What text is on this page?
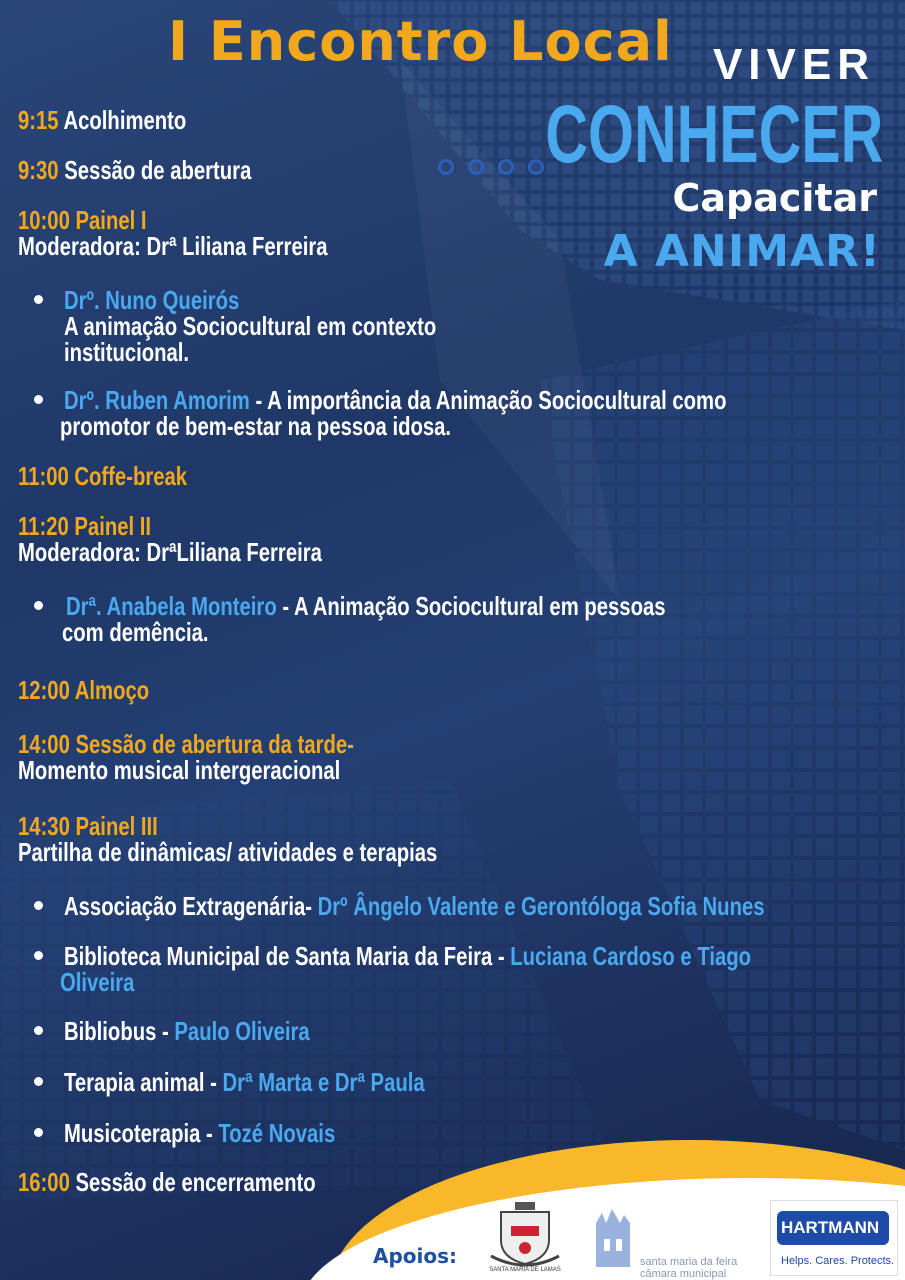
I Encontro Local VIVER
CONHECER
Capacitar
A ANIMAR!
9:15 Acolhimento
9:30 Sessão de abertura
10:00 Painel I
Moderadora: Drª Liliana Ferreira
Drº. Nuno Queirós
A animação Sociocultural em contexto
institucional.
Drº. Ruben Amorim - A importância da Animação Sociocultural como
promotor de bem-estar na pessoa idosa.
11:00 Coffe-break
11:20 Painel II
Moderadora: DrªLiliana Ferreira
Drª. Anabela Monteiro - A Animação Sociocultural em pessoas
com demência.
12:00 Almoço
14:00 Sessão de abertura da tarde-
Momento musical intergeracional
14:30 Painel III
Partilha de dinâmicas/ atividades e terapias
Associação Extragenária- Drº Ângelo Valente e Gerontóloga Sofia Nunes
Biblioteca Municipal de Santa Maria da Feira - Luciana Cardoso e Tiago
Oliveira
Bibliobus - Paulo Oliveira
Terapia animal - Drª Marta e Drª Paula
Musicoterapia - Tozé Novais
16:00 Sessão de encerramento
Apoios:
SANTA MARIA DE LAMAS
santa maria da feira
câmara municipal
HARTMANN
Helps. Cares. Protects.
